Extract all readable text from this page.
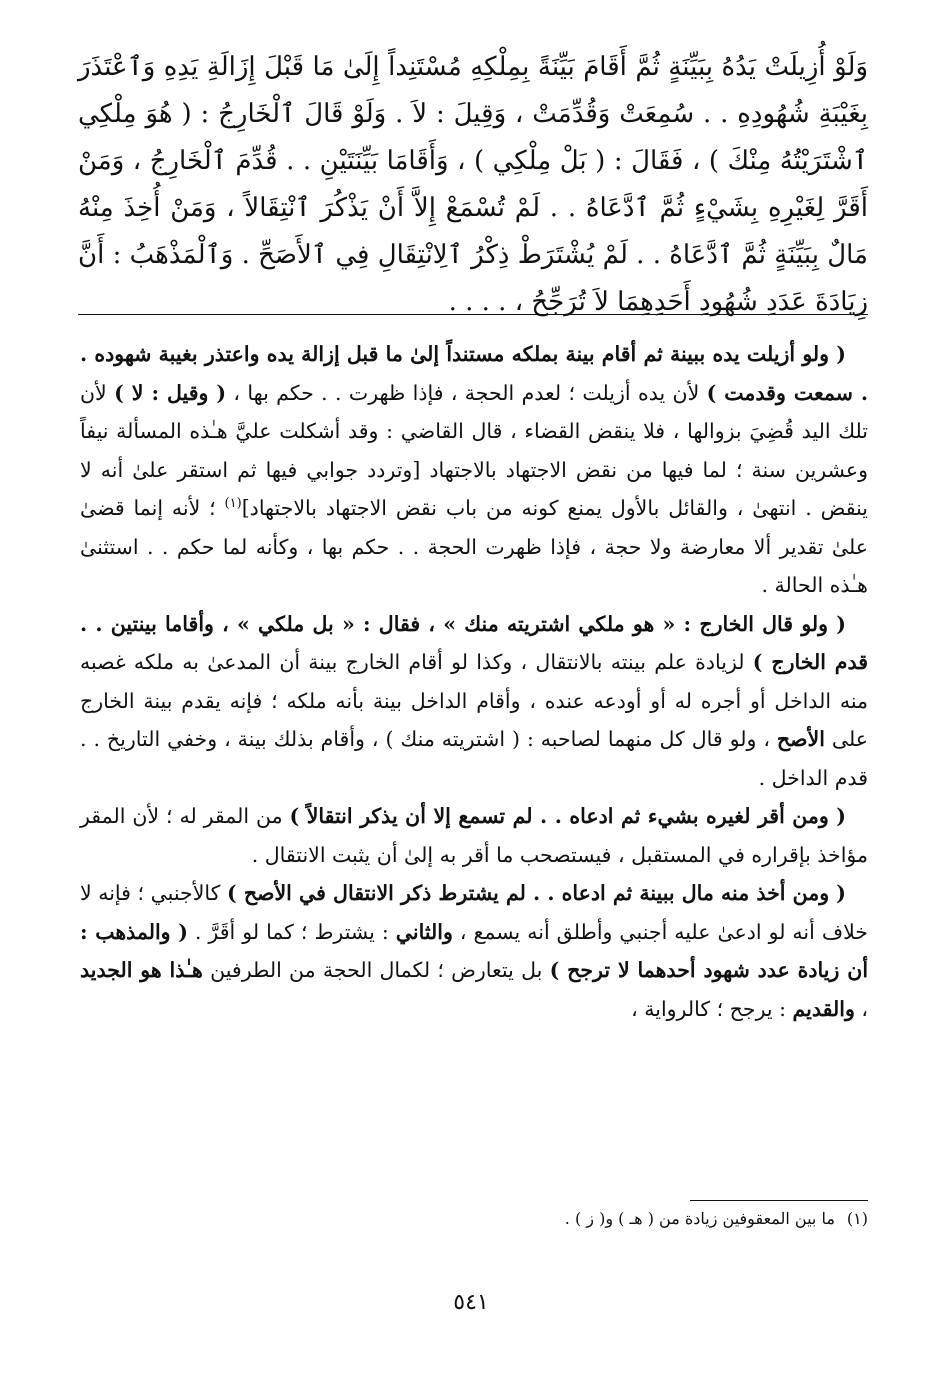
وَلَوْ أُزِيلَتْ يَدُهُ بِبَيِّنَةٍ ثُمَّ أَقَامَ بَيِّنَةً بِمِلْكِهِ مُسْتَنِداً إِلَىٰ مَا قَبْلَ إِزَالَةِ يَدِهِ وَٱعْتَذَرَ بِغَيْبَةِ شُهُودِهِ . . سُمِعَتْ وَقُدِّمَتْ ، وَقِيلَ : لاَ . وَلَوْ قَالَ ٱلْخَارِجُ : ( هُوَ مِلْكِي ٱشْتَرَيْتُهُ مِنْكَ ) ، فَقَالَ : ( بَلْ مِلْكِي ) ، وَأَقَامَا بَيِّنَتَيْنِ . . قُدِّمَ ٱلْخَارِجُ ، وَمَنْ أَقَرَّ لِغَيْرِهِ بِشَيْءٍ ثُمَّ ٱدَّعَاهُ . . لَمْ تُسْمَعْ إِلاَّ أَنْ يَذْكُرَ ٱنْتِقَالاً ، وَمَنْ أُخِذَ مِنْهُ مَالٌ بِبَيِّنَةٍ ثُمَّ ٱدَّعَاهُ . . لَمْ يُشْتَرَطْ ذِكْرُ ٱلِانْتِقَالِ فِي ٱلأَصَحِّ . وَٱلْمَذْهَبُ : أَنَّ زِيَادَةَ عَدَدِ شُهُودِ أَحَدِهِمَا لاَ تُرَجِّحُ ، . . . .

( ولو أزيلت يده ببينة ثم أقام بينة بملكه مستنداً إلىٰ ما قبل إزالة يده واعتذر بغيبة شهوده . . سمعت وقدمت ) لأن يده أزيلت ؛ لعدم الحجة ، فإذا ظهرت . . حكم بها ، ( وقيل : لا ) لأن تلك اليد قُضِيَ بزوالها ، فلا ينقض القضاء ، قال القاضي : وقد أشكلت عليَّ هـٰذه المسألة نيفاً وعشرين سنة ؛ لما فيها من نقض الاجتهاد بالاجتهاد [وتردد جوابي فيها ثم استقر علىٰ أنه لا ينقض . انتهىٰ ، والقائل بالأول يمنع كونه من باب نقض الاجتهاد بالاجتهاد]$^{(١)}$ ؛ لأنه إنما قضىٰ علىٰ تقدير ألا معارضة ولا حجة ، فإذا ظهرت الحجة . . حكم بها ، وكأنه لما حكم . . استثنىٰ هـٰذه الحالة .

( ولو قال الخارج : « هو ملكي اشتريته منك » ، فقال : « بل ملكي » ، وأقاما بينتين . . قدم الخارج ) لزيادة علم بينته بالانتقال ، وكذا لو أقام الخارج بينة أن المدعىٰ به ملكه غصبه منه الداخل أو أجره له أو أودعه عنده ، وأقام الداخل بينة بأنه ملكه ؛ فإنه يقدم بينة الخارج على الأصح ، ولو قال كل منهما لصاحبه : ( اشتريته منك ) ، وأقام بذلك بينة ، وخفي التاريخ . . قدم الداخل .

( ومن أقر لغيره بشيء ثم ادعاه . . لم تسمع إلا أن يذكر انتقالاً ) من المقر له ؛ لأن المقر مؤاخذ بإقراره في المستقبل ، فيستصحب ما أقر به إلىٰ أن يثبت الانتقال .

( ومن أخذ منه مال ببينة ثم ادعاه . . لم يشترط ذكر الانتقال في الأصح ) كالأجنبي ؛ فإنه لا خلاف أنه لو ادعىٰ عليه أجنبي وأطلق أنه يسمع ، والثاني : يشترط ؛ كما لو أقَرَّ . ( والمذهب : أن زيادة عدد شهود أحدهما لا ترجح ) بل يتعارض ؛ لكمال الحجة من الطرفين هـٰذا هو الجديد ، والقديم : يرجح ؛ كالرواية ،

(١)ما بين المعقوفين زيادة من ( هـ ) و( ز ) .
٥٤١
